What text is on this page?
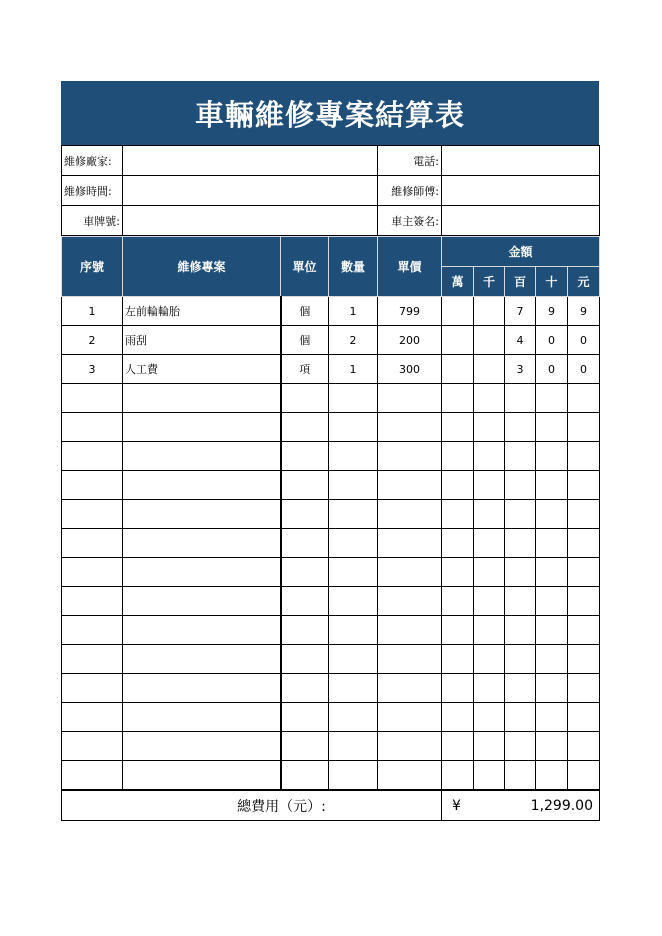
車輛維修專案結算表
維修廠家:		電話:	
維修時間:		維修師傅:	
車牌號:		車主簽名:	
序號	維修專案	單位	數量	單價	金額				
					萬	千	百	十	元
1	左前輪輪胎	個	1	799			7	9	9
2	雨刮	個	2	200			4	0	0
3	人工費	項	1	300			3	0	0

總費用（元）:	¥	1,299.00
